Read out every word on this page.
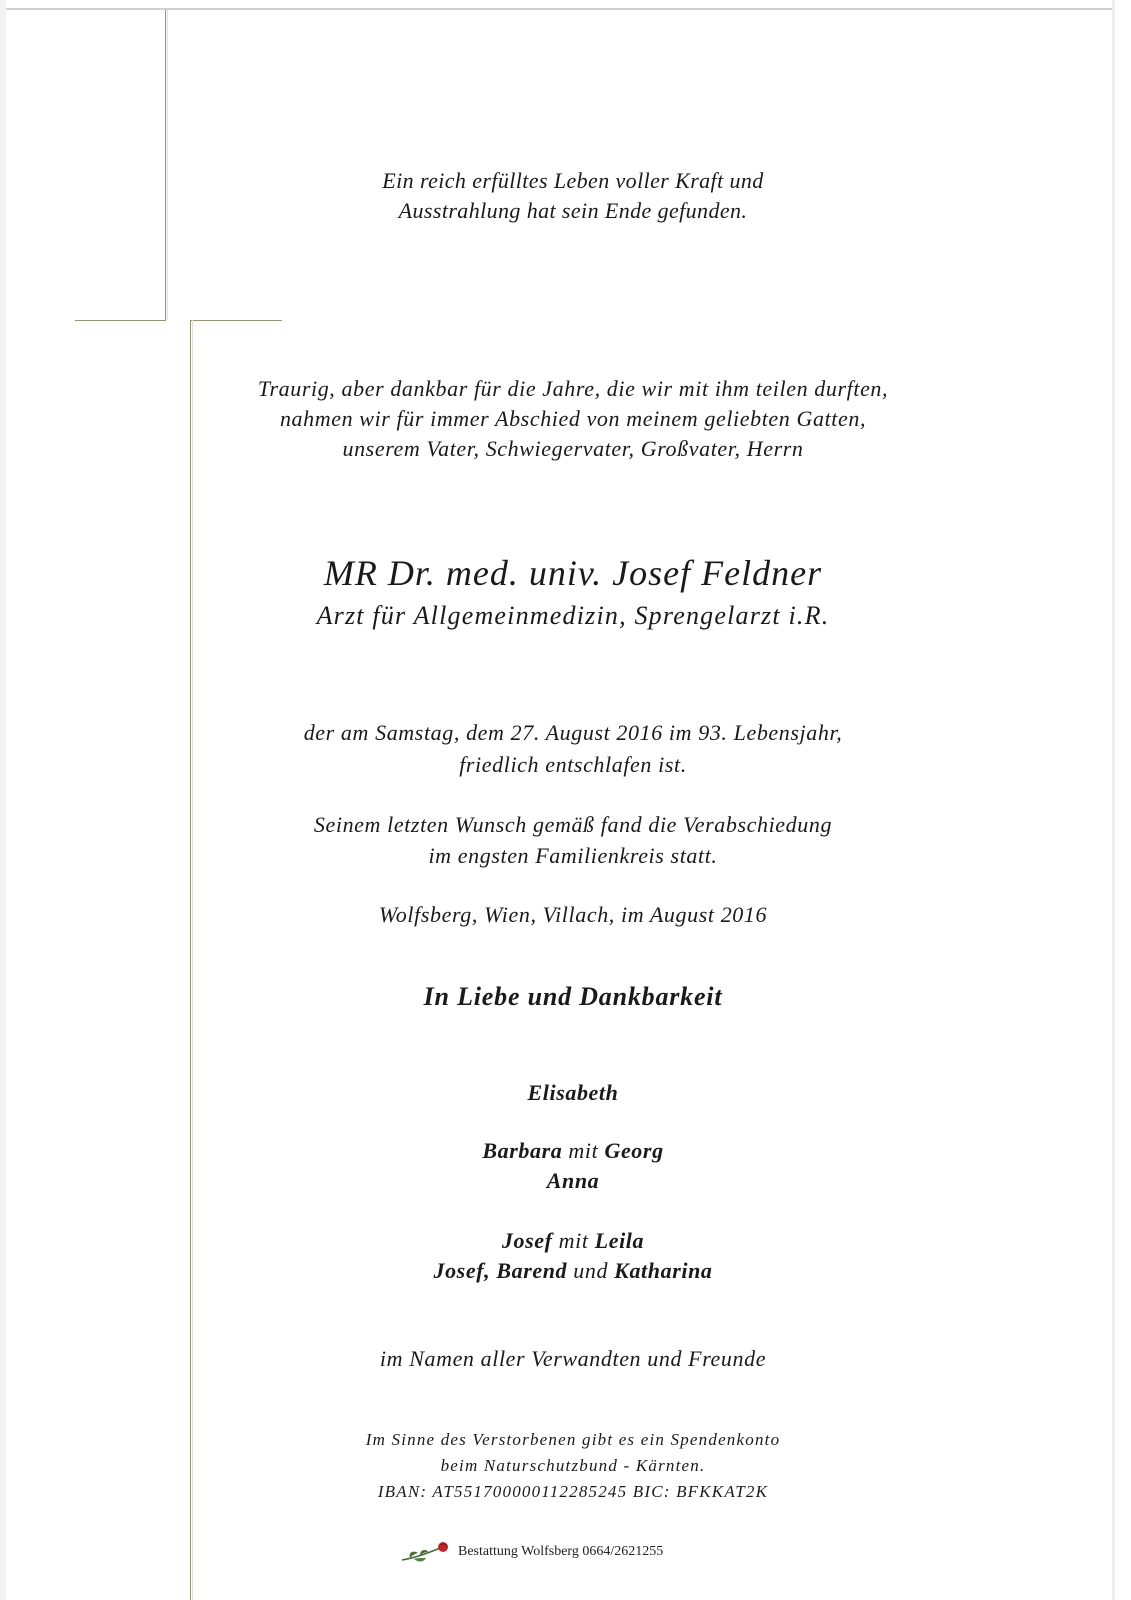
Ein reich erfülltes Leben voller Kraft und
Ausstrahlung hat sein Ende gefunden.
Traurig, aber dankbar für die Jahre, die wir mit ihm teilen durften,
nahmen wir für immer Abschied von meinem geliebten Gatten,
unserem Vater, Schwiegervater, Großvater, Herrn
MR Dr. med. univ. Josef Feldner
Arzt für Allgemeinmedizin, Sprengelarzt i.R.
der am Samstag, dem 27. August 2016 im 93. Lebensjahr,
friedlich entschlafen ist.
Seinem letzten Wunsch gemäß fand die Verabschiedung
im engsten Familienkreis statt.
Wolfsberg, Wien, Villach, im August 2016
In Liebe und Dankbarkeit
Elisabeth
Barbara mit Georg
Anna
Josef mit Leila
Josef, Barend und Katharina
im Namen aller Verwandten und Freunde
Im Sinne des Verstorbenen gibt es ein Spendenkonto
beim Naturschutzbund - Kärnten.
IBAN: AT551700000112285245 BIC: BFKKAT2K
Bestattung Wolfsberg 0664/2621255
